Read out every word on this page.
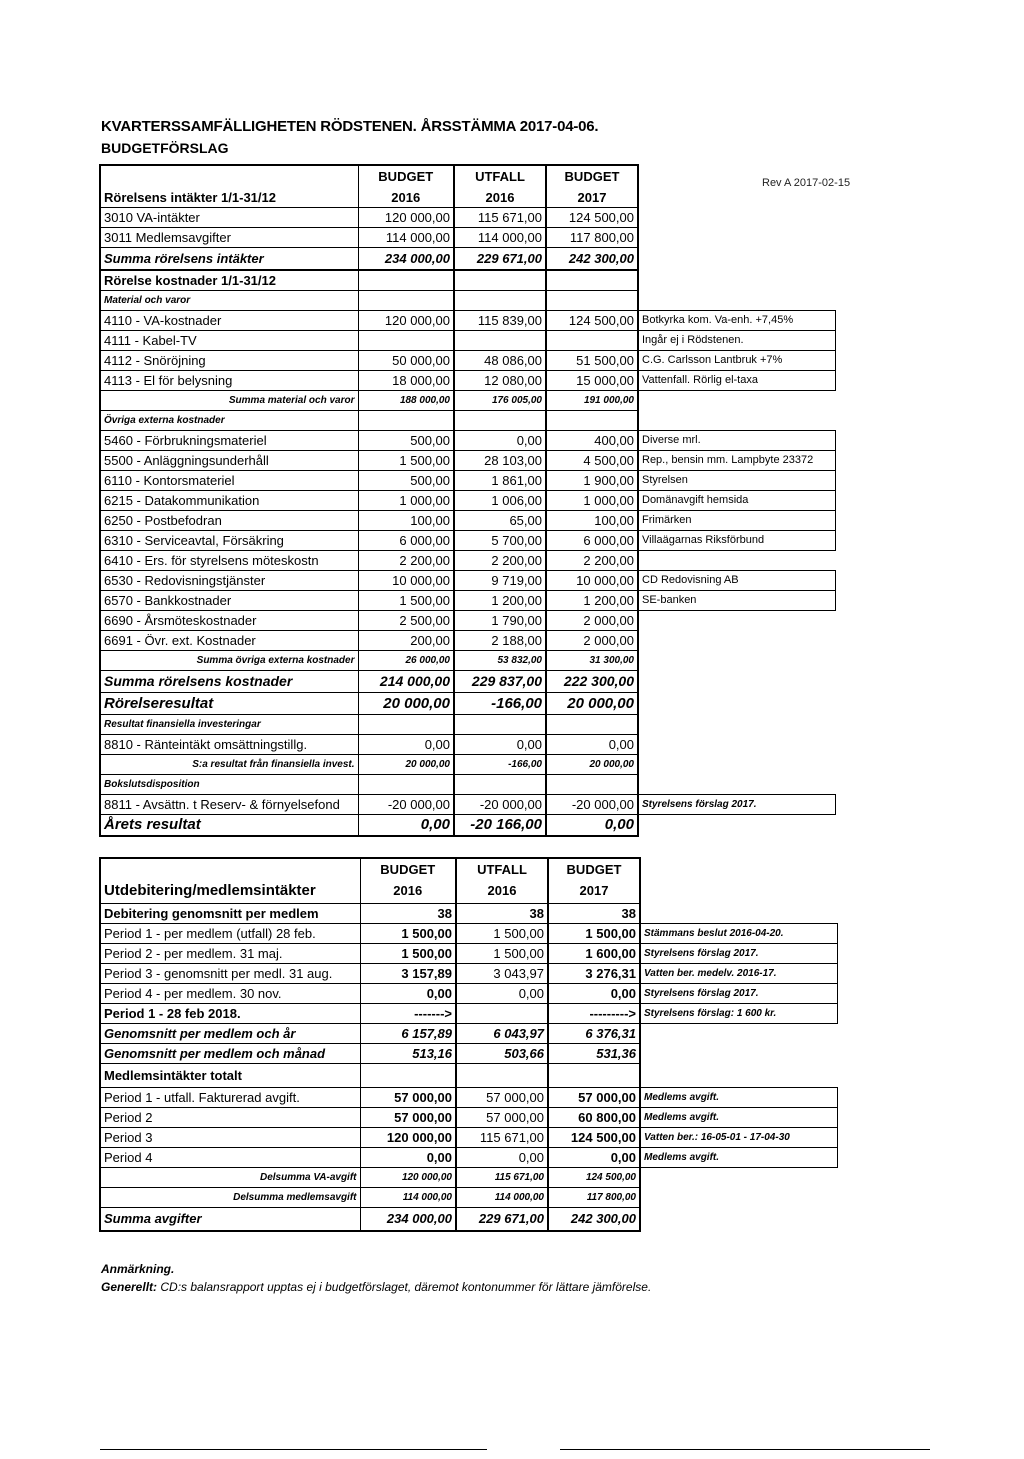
KVARTERSSAMFÄLLIGHETEN RÖDSTENEN. ÅRSSTÄMMA 2017-04-06.
BUDGETFÖRSLAG
Rev A 2017-02-15
	BUDGET	UTFALL	BUDGET	
Rörelsens intäkter 1/1-31/12	2016	2016	2017	
3010 VA-intäkter	120 000,00	115 671,00	124 500,00	
3011 Medlemsavgifter	114 000,00	114 000,00	117 800,00	
Summa rörelsens intäkter	234 000,00	229 671,00	242 300,00	
Rörelse kostnader 1/1-31/12				
Material och varor				
4110 - VA-kostnader	120 000,00	115 839,00	124 500,00	Botkyrka kom. Va-enh. +7,45%
4111 - Kabel-TV				Ingår ej i Rödstenen.
4112 - Snöröjning	50 000,00	48 086,00	51 500,00	C.G. Carlsson Lantbruk +7%
4113 - El för belysning	18 000,00	12 080,00	15 000,00	Vattenfall. Rörlig el-taxa
Summa material och varor	188 000,00	176 005,00	191 000,00	
Övriga externa kostnader				
5460 - Förbrukningsmateriel	500,00	0,00	400,00	Diverse mrl.
5500 - Anläggningsunderhåll	1 500,00	28 103,00	4 500,00	Rep., bensin mm. Lampbyte 23372
6110 - Kontorsmateriel	500,00	1 861,00	1 900,00	Styrelsen
6215 - Datakommunikation	1 000,00	1 006,00	1 000,00	Domänavgift hemsida
6250 - Postbefodran	100,00	65,00	100,00	Frimärken
6310 - Serviceavtal, Försäkring	6 000,00	5 700,00	6 000,00	Villaägarnas Riksförbund
6410 - Ers. för styrelsens möteskostn	2 200,00	2 200,00	2 200,00	
6530 - Redovisningstjänster	10 000,00	9 719,00	10 000,00	CD Redovisning AB
6570 - Bankkostnader	1 500,00	1 200,00	1 200,00	SE-banken
6690 - Årsmöteskostnader	2 500,00	1 790,00	2 000,00	
6691 - Övr. ext. Kostnader	200,00	2 188,00	2 000,00	
Summa övriga externa kostnader	26 000,00	53 832,00	31 300,00	
Summa rörelsens kostnader	214 000,00	229 837,00	222 300,00	
Rörelseresultat	20 000,00	-166,00	20 000,00	
Resultat finansiella investeringar				
8810 - Ränteintäkt omsättningstillg.	0,00	0,00	0,00	
S:a resultat från finansiella invest.	20 000,00	-166,00	20 000,00	
Bokslutsdisposition				
8811 - Avsättn. t Reserv- & förnyelsefond	-20 000,00	-20 000,00	-20 000,00	Styrelsens förslag 2017.
Årets resultat	0,00	-20 166,00	0,00	
	BUDGET	UTFALL	BUDGET	
Utdebitering/medlemsintäkter	2016	2016	2017	
Debitering genomsnitt per medlem	38	38	38	
Period 1 - per medlem (utfall) 28 feb.	1 500,00	1 500,00	1 500,00	Stämmans beslut 2016-04-20.
Period 2 - per medlem. 31 maj.	1 500,00	1 500,00	1 600,00	Styrelsens förslag 2017.
Period 3 - genomsnitt per medl. 31 aug.	3 157,89	3 043,97	3 276,31	Vatten ber. medelv. 2016-17.
Period 4 - per medlem. 30 nov.	0,00	0,00	0,00	Styrelsens förslag 2017.
Period 1 - 28 feb 2018.	------->		--------->	Styrelsens förslag: 1 600 kr.
Genomsnitt per medlem och år	6 157,89	6 043,97	6 376,31	
Genomsnitt per medlem och månad	513,16	503,66	531,36	
Medlemsintäkter totalt				
Period 1 - utfall. Fakturerad avgift.	57 000,00	57 000,00	57 000,00	Medlems avgift.
Period 2	57 000,00	57 000,00	60 800,00	Medlems avgift.
Period 3	120 000,00	115 671,00	124 500,00	Vatten ber.: 16-05-01 - 17-04-30
Period 4	0,00	0,00	0,00	Medlems avgift.
Delsumma VA-avgift	120 000,00	115 671,00	124 500,00	
Delsumma medlemsavgift	114 000,00	114 000,00	117 800,00	
Summa avgifter	234 000,00	229 671,00	242 300,00	
Anmärkning.
Generellt: CD:s balansrapport upptas ej i budgetförslaget, däremot kontonummer för lättare jämförelse.
